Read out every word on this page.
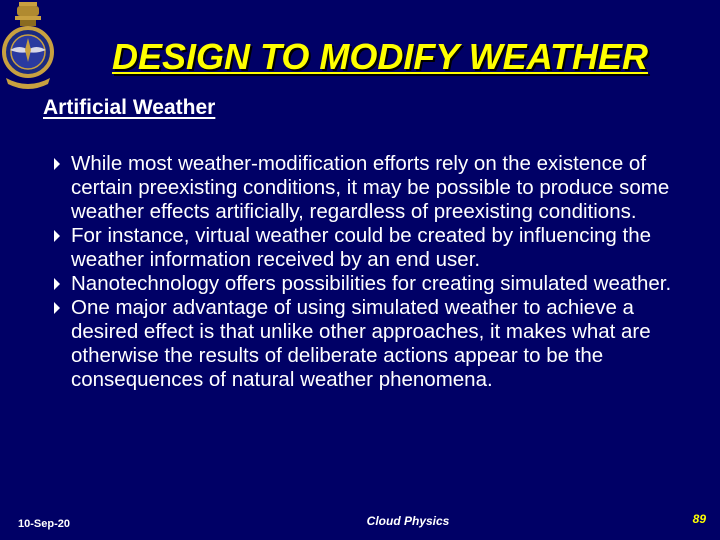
DESIGN TO MODIFY WEATHER
Artificial Weather
While most weather-modification efforts rely on the existence of certain preexisting conditions, it may be possible to produce some weather effects artificially, regardless of preexisting conditions.
For instance, virtual weather could be created by influencing the weather information received by an end user.
Nanotechnology offers possibilities for creating simulated weather.
One major advantage of using simulated weather to achieve a desired effect is that unlike other approaches, it makes what are otherwise the results of deliberate actions appear to be the consequences of natural weather phenomena.
10-Sep-20	Cloud Physics	89
